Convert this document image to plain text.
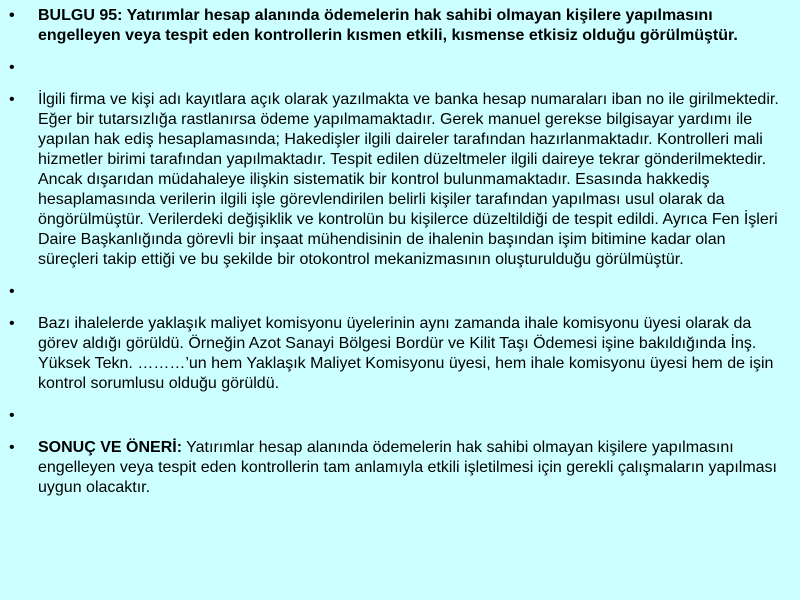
• BULGU 95: Yatırımlar hesap alanında ödemelerin hak sahibi olmayan kişilere yapılmasını engelleyen veya tespit eden kontrollerin kısmen etkili, kısmense etkisiz olduğu görülmüştür.
•
• İlgili firma ve kişi adı kayıtlara açık olarak yazılmakta ve banka hesap numaraları iban no ile girilmektedir. Eğer bir tutarsızlığa rastlanırsa ödeme yapılmamaktadır. Gerek manuel gerekse bilgisayar yardımı ile yapılan hak ediş hesaplamasında; Hakedişler ilgili daireler tarafından hazırlanmaktadır. Kontrolleri mali hizmetler birimi tarafından yapılmaktadır. Tespit edilen düzeltmeler ilgili daireye tekrar gönderilmektedir. Ancak dışarıdan müdahaleye ilişkin sistematik bir kontrol bulunmamaktadır. Esasında hakkediş hesaplamasında verilerin ilgili işle görevlendirilen belirli kişiler tarafından yapılması usul olarak da öngörülmüştür. Verilerdeki değişiklik ve kontrolün bu kişilerce düzeltildiği de tespit edildi. Ayrıca Fen İşleri Daire Başkanlığında görevli bir inşaat mühendisinin de ihalenin başından işim bitimine kadar olan süreçleri takip ettiği ve bu şekilde bir otokontrol mekanizmasının oluşturulduğu görülmüştür.
•
• Bazı ihalelerde yaklaşık maliyet komisyonu üyelerinin aynı zamanda ihale komisyonu üyesi olarak da görev aldığı görüldü. Örneğin Azot Sanayi Bölgesi Bordür ve Kilit Taşı Ödemesi işine bakıldığında İnş. Yüksek Tekn. ………’un hem Yaklaşık Maliyet Komisyonu üyesi, hem ihale komisyonu üyesi hem de işin kontrol sorumlusu olduğu görüldü.
•
• SONUÇ VE ÖNERİ: Yatırımlar hesap alanında ödemelerin hak sahibi olmayan kişilere yapılmasını engelleyen veya tespit eden kontrollerin tam anlamıyla etkili işletilmesi için gerekli çalışmaların yapılması uygun olacaktır.
